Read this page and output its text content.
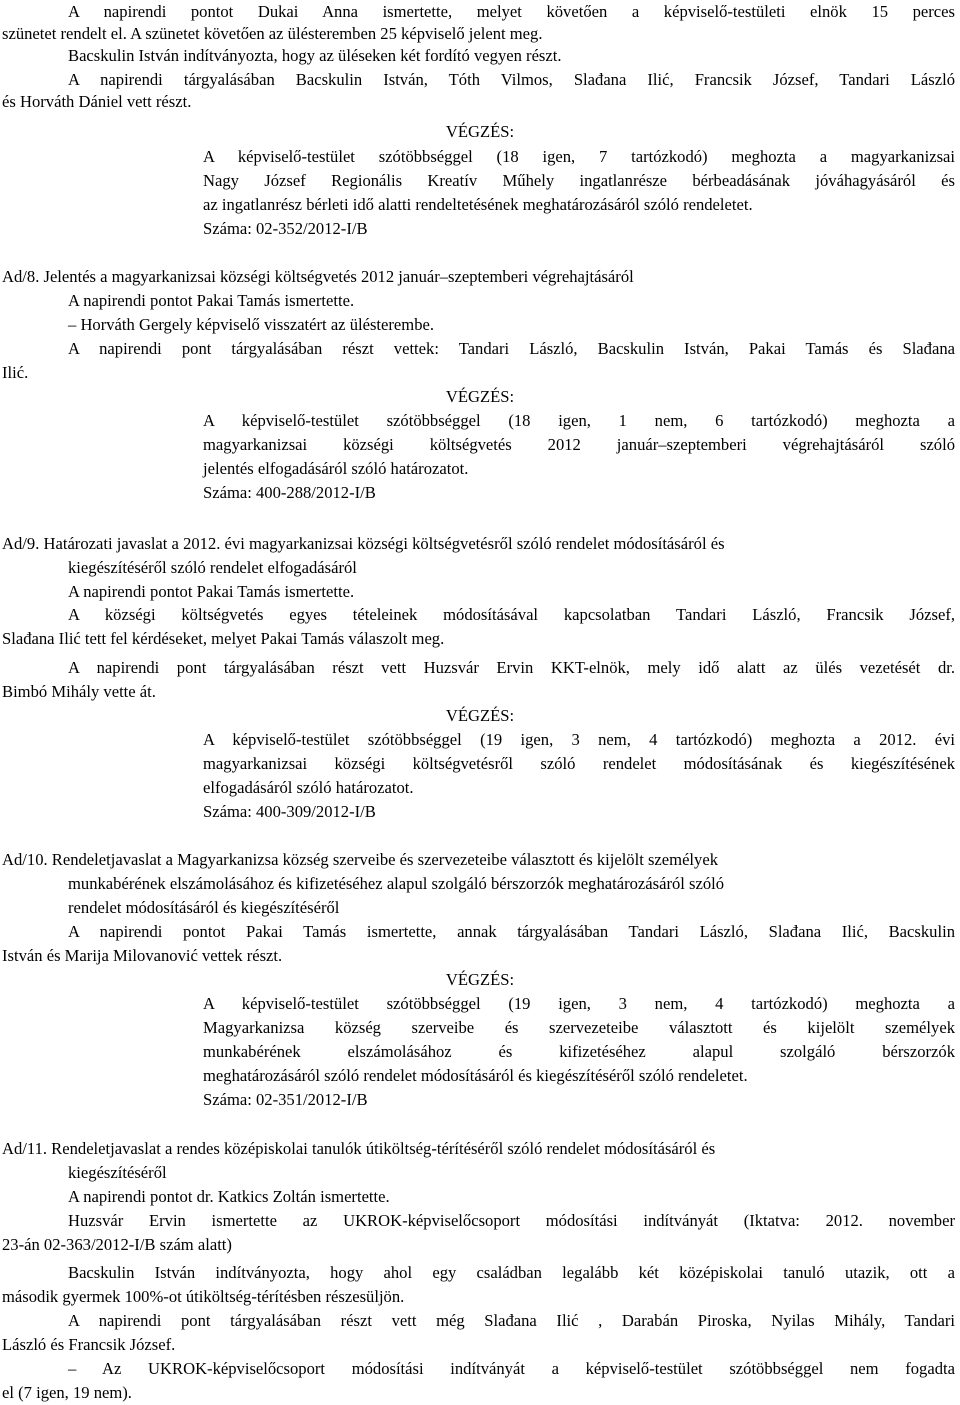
A napirendi pontot Dukai Anna ismertette, melyet követően a képviselő-testületi elnök 15 perces
szünetet rendelt el. A szünetet követően az ülésteremben 25 képviselő jelent meg.
Bacskulin István indítványozta, hogy az üléseken két fordító vegyen részt.
A napirendi tárgyalásában Bacskulin István, Tóth Vilmos, Slađana Ilić, Francsik József, Tandari László
és Horváth Dániel vett részt.
VÉGZÉS:
A képviselő-testület szótöbbséggel (18 igen, 7 tartózkodó) meghozta a magyarkanizsai
Nagy József Regionális Kreatív Műhely ingatlanrésze bérbeadásának jóváhagyásáról és
az ingatlanrész bérleti idő alatti rendeltetésének meghatározásáról szóló rendeletet.
Száma: 02-352/2012-I/B
Ad/8. Jelentés a magyarkanizsai községi költségvetés 2012 január–szeptemberi végrehajtásáról
A napirendi pontot Pakai Tamás ismertette.
– Horváth Gergely képviselő visszatért az ülésterembe.
A napirendi pont tárgyalásában részt vettek: Tandari László, Bacskulin István, Pakai Tamás és Slađana
Ilić.
VÉGZÉS:
A képviselő-testület szótöbbséggel (18 igen, 1 nem, 6 tartózkodó) meghozta a
magyarkanizsai községi költségvetés 2012 január–szeptemberi végrehajtásáról szóló
jelentés elfogadásáról szóló határozatot.
Száma: 400-288/2012-I/B
Ad/9. Határozati javaslat a 2012. évi magyarkanizsai községi költségvetésről szóló rendelet módosításáról és
kiegészítéséről szóló rendelet elfogadásáról
A napirendi pontot Pakai Tamás ismertette.
A községi költségvetés egyes tételeinek módosításával kapcsolatban Tandari László, Francsik József,
Slađana Ilić tett fel kérdéseket, melyet Pakai Tamás válaszolt meg.
A napirendi pont tárgyalásában részt vett Huzsvár Ervin KKT-elnök, mely idő alatt az ülés vezetését dr.
Bimbó Mihály vette át.
VÉGZÉS:
A képviselő-testület szótöbbséggel (19 igen, 3 nem, 4 tartózkodó) meghozta a 2012. évi
magyarkanizsai községi költségvetésről szóló rendelet módosításának és kiegészítésének
elfogadásáról szóló határozatot.
Száma: 400-309/2012-I/B
Ad/10. Rendeletjavaslat a Magyarkanizsa község szerveibe és szervezeteibe választott és kijelölt személyek
munkabérének elszámolásához és kifizetéséhez alapul szolgáló bérszorzók meghatározásáról szóló
rendelet módosításáról és kiegészítéséről
A napirendi pontot Pakai Tamás ismertette, annak tárgyalásában Tandari László, Slađana Ilić, Bacskulin
István és Marija Milovanović vettek részt.
VÉGZÉS:
A képviselő-testület szótöbbséggel (19 igen, 3 nem, 4 tartózkodó) meghozta a
Magyarkanizsa község szerveibe és szervezeteibe választott és kijelölt személyek
munkabérének elszámolásához és kifizetéséhez alapul szolgáló bérszorzók
meghatározásáról szóló rendelet módosításáról és kiegészítéséről szóló rendeletet.
Száma: 02-351/2012-I/B
Ad/11. Rendeletjavaslat a rendes középiskolai tanulók útiköltség-térítéséről szóló rendelet módosításáról és
kiegészítéséről
A napirendi pontot dr. Katkics Zoltán ismertette.
Huzsvár Ervin ismertette az UKROK-képviselőcsoport módosítási indítványát (Iktatva: 2012. november
23-án 02-363/2012-I/B szám alatt)
Bacskulin István indítványozta, hogy ahol egy családban legalább két középiskolai tanuló utazik, ott a
második gyermek 100%-ot útiköltség-térítésben részesüljön.
A napirendi pont tárgyalásában részt vett még Slađana Ilić , Darabán Piroska, Nyilas Mihály, Tandari
László és Francsik József.
– Az UKROK-képviselőcsoport módosítási indítványát a képviselő-testület szótöbbséggel nem fogadta
el (7 igen, 19 nem).
